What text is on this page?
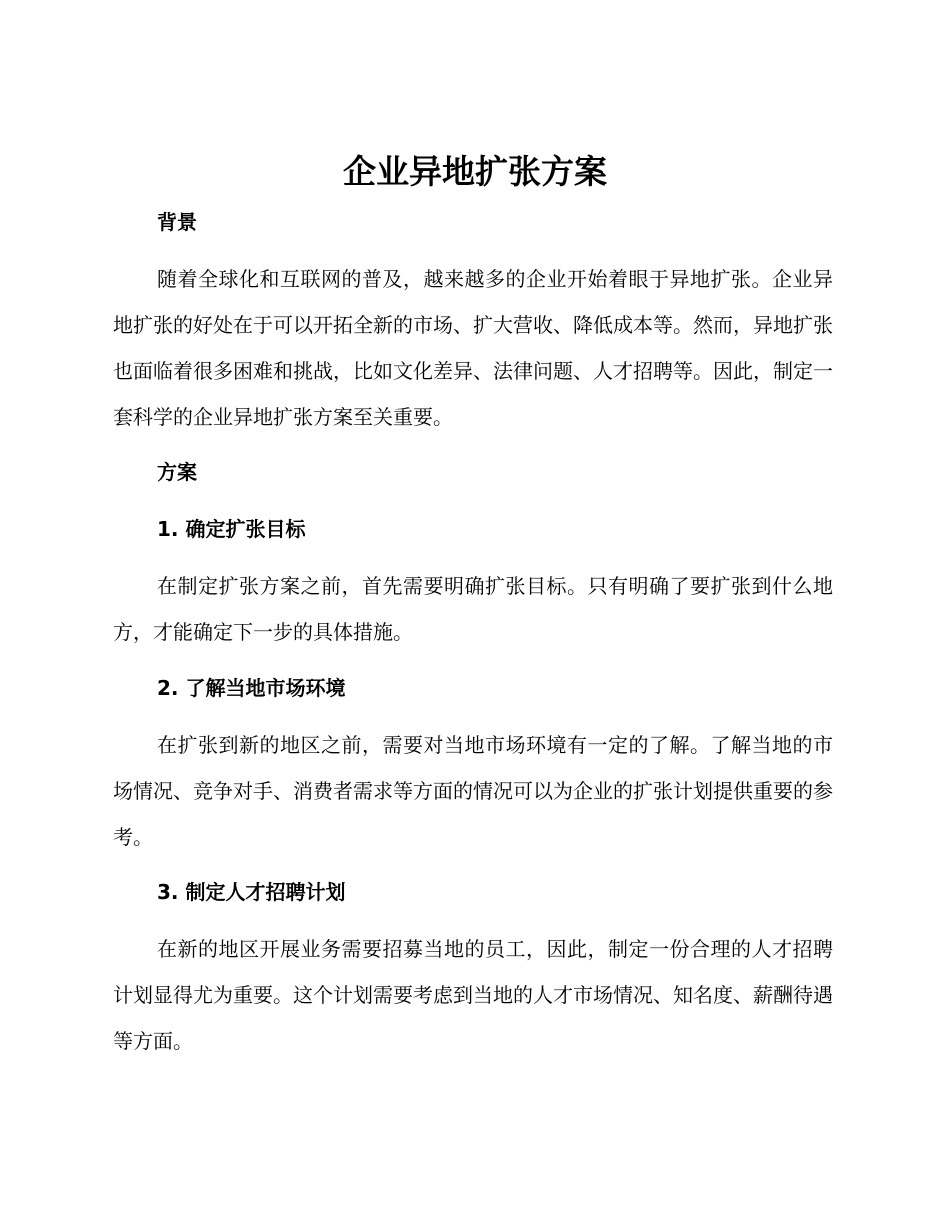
企业异地扩张方案
背景

随着全球化和互联网的普及，越来越多的企业开始着眼于异地扩张。企业异地扩张的好处在于可以开拓全新的市场、扩大营收、降低成本等。然而，异地扩张也面临着很多困难和挑战，比如文化差异、法律问题、人才招聘等。因此，制定一套科学的企业异地扩张方案至关重要。

方案
1. 确定扩张目标

在制定扩张方案之前，首先需要明确扩张目标。只有明确了要扩张到什么地方，才能确定下一步的具体措施。

2. 了解当地市场环境

在扩张到新的地区之前，需要对当地市场环境有一定的了解。了解当地的市场情况、竞争对手、消费者需求等方面的情况可以为企业的扩张计划提供重要的参考。

3. 制定人才招聘计划

在新的地区开展业务需要招募当地的员工，因此，制定一份合理的人才招聘计划显得尤为重要。这个计划需要考虑到当地的人才市场情况、知名度、薪酬待遇等方面。
